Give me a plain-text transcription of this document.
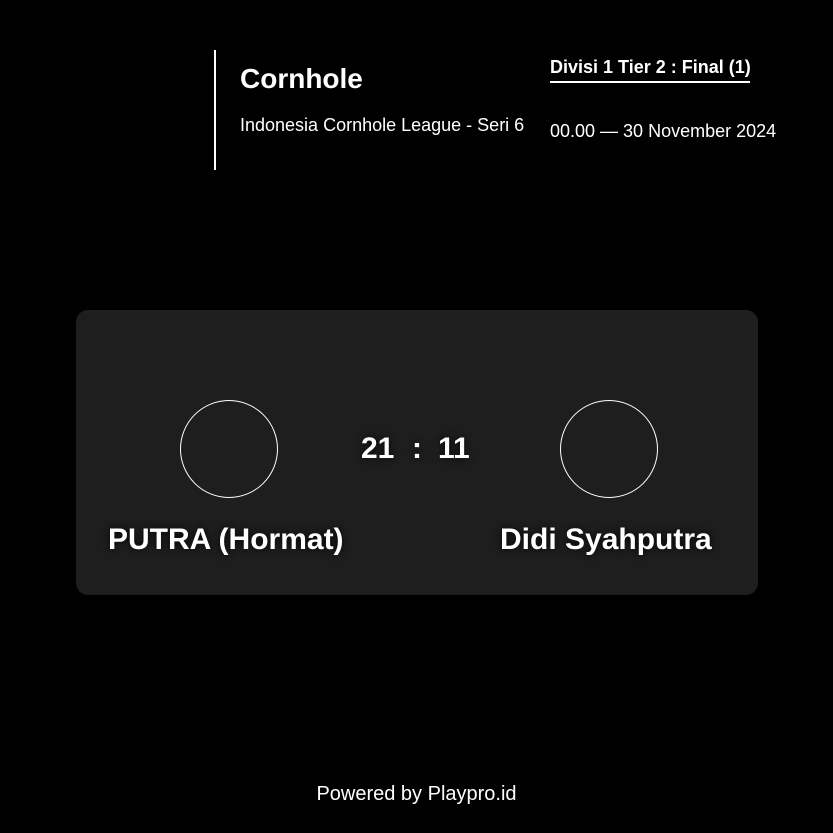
Cornhole
Indonesia Cornhole League - Seri 6
Divisi 1 Tier 2 : Final (1)
00.00 — 30 November 2024
21 : 11
PUTRA (Hormat)	Didi Syahputra
Powered by Playpro.id
